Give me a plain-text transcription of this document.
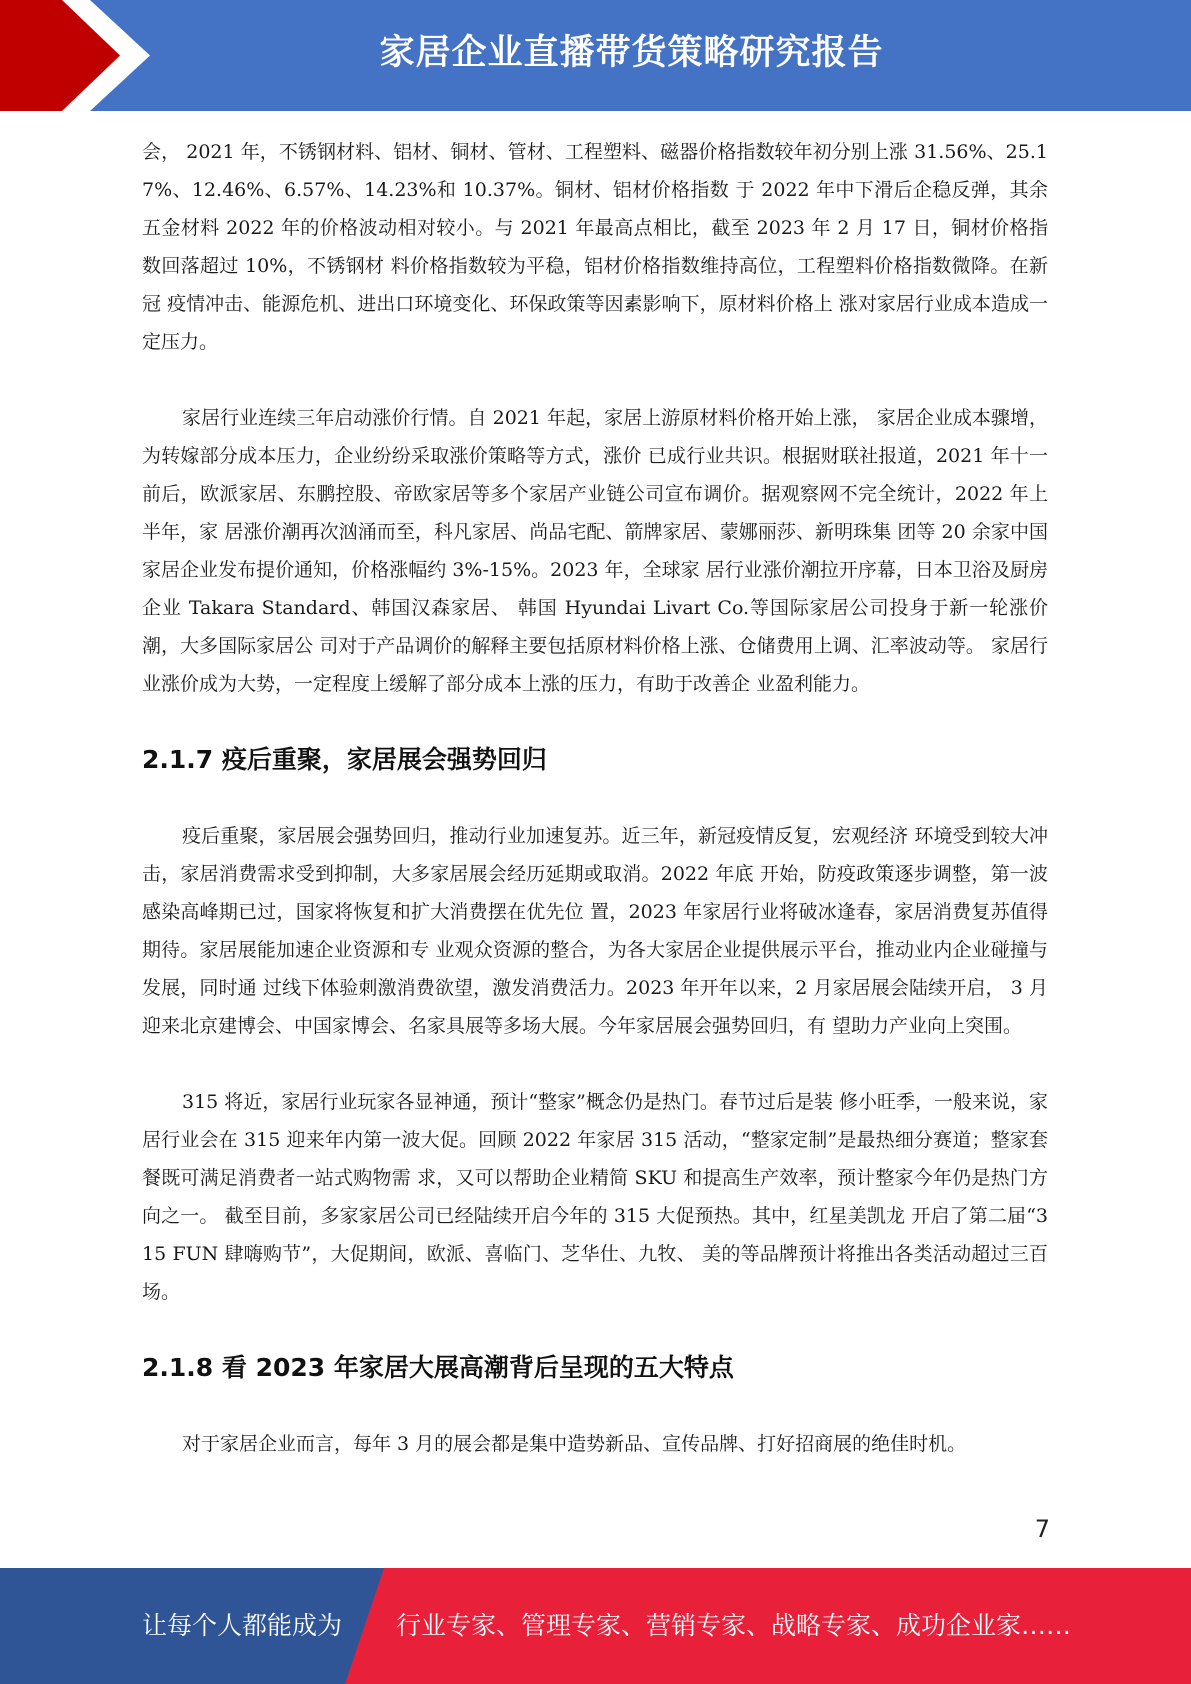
家居企业直播带货策略研究报告

会， 2021 年，不锈钢材料、铝材、铜材、管材、工程塑料、磁器价格指数较年初分别上涨 31.56%、25.17%、12.46%、6.57%、14.23%和 10.37%。铜材、铝材价格指数 于 2022 年中下滑后企稳反弹，其余五金材料 2022 年的价格波动相对较小。与 2021 年最高点相比，截至 2023 年 2 月 17 日，铜材价格指数回落超过 10%，不锈钢材 料价格指数较为平稳，铝材价格指数维持高位，工程塑料价格指数微降。在新冠 疫情冲击、能源危机、进出口环境变化、环保政策等因素影响下，原材料价格上 涨对家居行业成本造成一定压力。

家居行业连续三年启动涨价行情。自 2021 年起，家居上游原材料价格开始上涨， 家居企业成本骤增，为转嫁部分成本压力，企业纷纷采取涨价策略等方式，涨价 已成行业共识。根据财联社报道，2021 年十一前后，欧派家居、东鹏控股、帝欧家居等多个家居产业链公司宣布调价。据观察网不完全统计，2022 年上半年，家 居涨价潮再次汹涌而至，科凡家居、尚品宅配、箭牌家居、蒙娜丽莎、新明珠集 团等 20 余家中国家居企业发布提价通知，价格涨幅约 3%-15%。2023 年，全球家 居行业涨价潮拉开序幕，日本卫浴及厨房企业 Takara Standard、韩国汉森家居、 韩国 Hyundai Livart Co.等国际家居公司投身于新一轮涨价潮，大多国际家居公 司对于产品调价的解释主要包括原材料价格上涨、仓储费用上调、汇率波动等。 家居行业涨价成为大势，一定程度上缓解了部分成本上涨的压力，有助于改善企 业盈利能力。

2.1.7 疫后重聚，家居展会强势回归

疫后重聚，家居展会强势回归，推动行业加速复苏。近三年，新冠疫情反复，宏观经济 环境受到较大冲击，家居消费需求受到抑制，大多家居展会经历延期或取消。2022 年底 开始，防疫政策逐步调整，第一波感染高峰期已过，国家将恢复和扩大消费摆在优先位 置，2023 年家居行业将破冰逢春，家居消费复苏值得期待。家居展能加速企业资源和专 业观众资源的整合，为各大家居企业提供展示平台，推动业内企业碰撞与发展，同时通 过线下体验刺激消费欲望，激发消费活力。2023 年开年以来，2 月家居展会陆续开启， 3 月迎来北京建博会、中国家博会、名家具展等多场大展。今年家居展会强势回归，有 望助力产业向上突围。

315 将近，家居行业玩家各显神通，预计“整家”概念仍是热门。春节过后是装 修小旺季，一般来说，家居行业会在 315 迎来年内第一波大促。回顾 2022 年家居 315 活动，“整家定制”是最热细分赛道；整家套餐既可满足消费者一站式购物需 求，又可以帮助企业精简 SKU 和提高生产效率，预计整家今年仍是热门方向之一。 截至目前，多家家居公司已经陆续开启今年的 315 大促预热。其中，红星美凯龙 开启了第二届“315 FUN 肆嗨购节”，大促期间，欧派、喜临门、芝华仕、九牧、 美的等品牌预计将推出各类活动超过三百场。

2.1.8 看 2023 年家居大展高潮背后呈现的五大特点

对于家居企业而言，每年 3 月的展会都是集中造势新品、宣传品牌、打好招商展的绝佳时机。

7
让每个人都能成为 行业专家、管理专家、营销专家、战略专家、成功企业家……
